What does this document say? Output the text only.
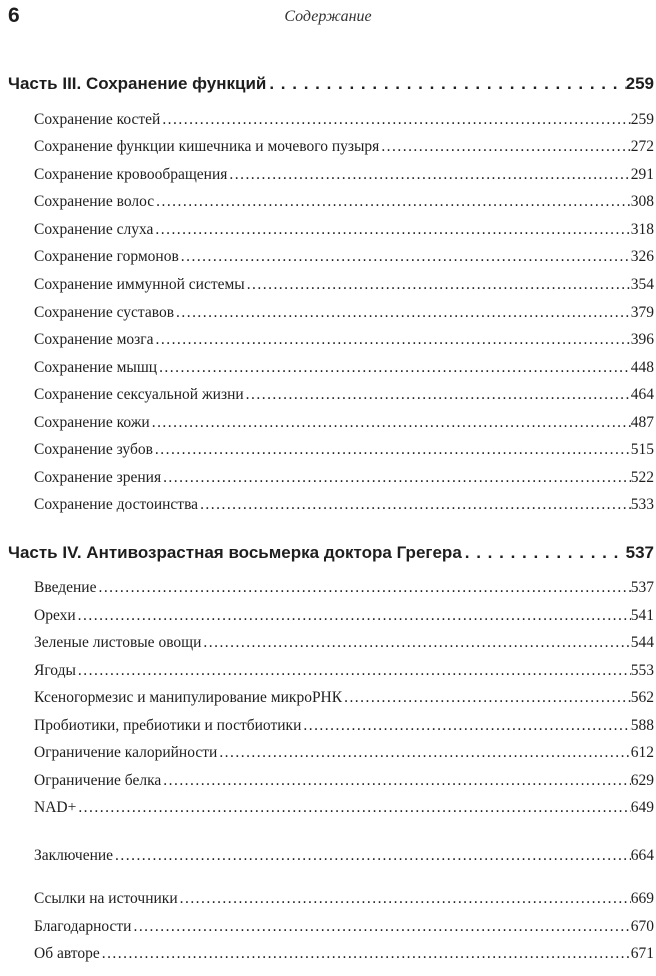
6	Содержание
Часть III. Сохранение функций . . .	259
Сохранение костей . . .	259
Сохранение функции кишечника и мочевого пузыря . . .	272
Сохранение кровообращения . . .	291
Сохранение волос . . .	308
Сохранение слуха . . .	318
Сохранение гормонов . . .	326
Сохранение иммунной системы . . .	354
Сохранение суставов . . .	379
Сохранение мозга . . .	396
Сохранение мышц . . .	448
Сохранение сексуальной жизни . . .	464
Сохранение кожи . . .	487
Сохранение зубов . . .	515
Сохранение зрения . . .	522
Сохранение достоинства . . .	533
Часть IV. Антивозрастная восьмерка доктора Грегера . . .	537
Введение . . .	537
Орехи . . .	541
Зеленые листовые овощи . . .	544
Ягоды . . .	553
Ксеногормезис и манипулирование микроРНК . . .	562
Пробиотики, пребиотики и постбиотики . . .	588
Ограничение калорийности . . .	612
Ограничение белка . . .	629
NAD+ . . .	649
Заключение . . .	664
Ссылки на источники . . .	669
Благодарности . . .	670
Об авторе . . .	671
